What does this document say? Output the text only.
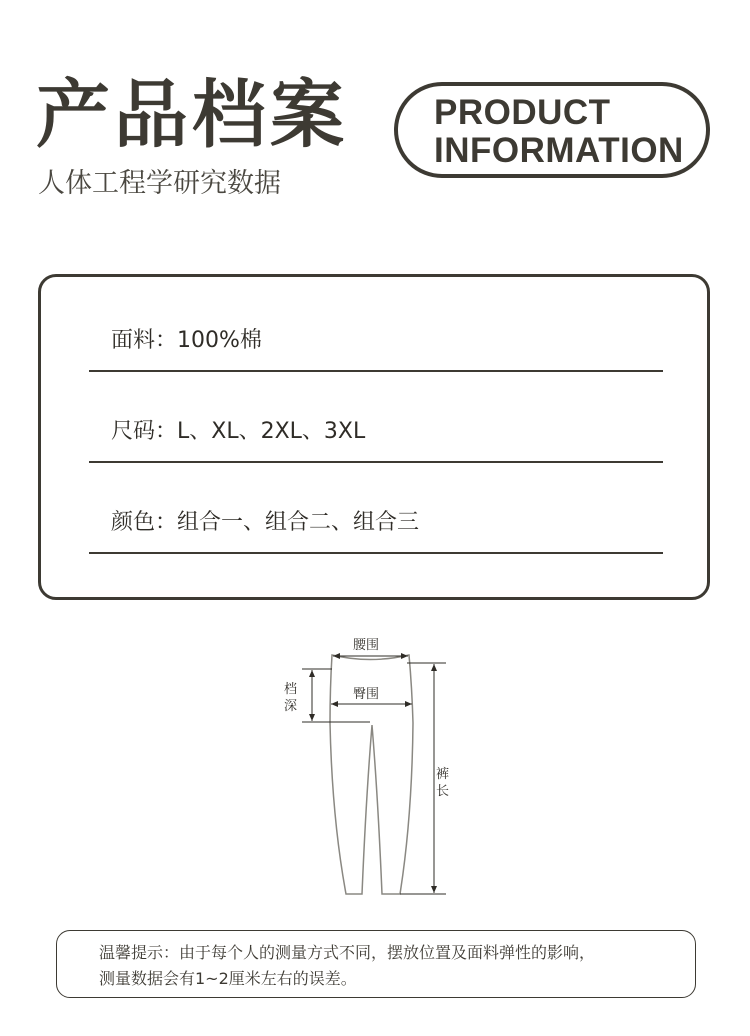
产品档案
人体工程学研究数据
PRODUCT
INFORMATION
面料：100%棉
尺码：L、XL、2XL、3XL
颜色：组合一、组合二、组合三
腰围
臀围
档
深
裤
长

温馨提示：由于每个人的测量方式不同，摆放位置及面料弹性的影响，

测量数据会有1~2厘米左右的误差。
